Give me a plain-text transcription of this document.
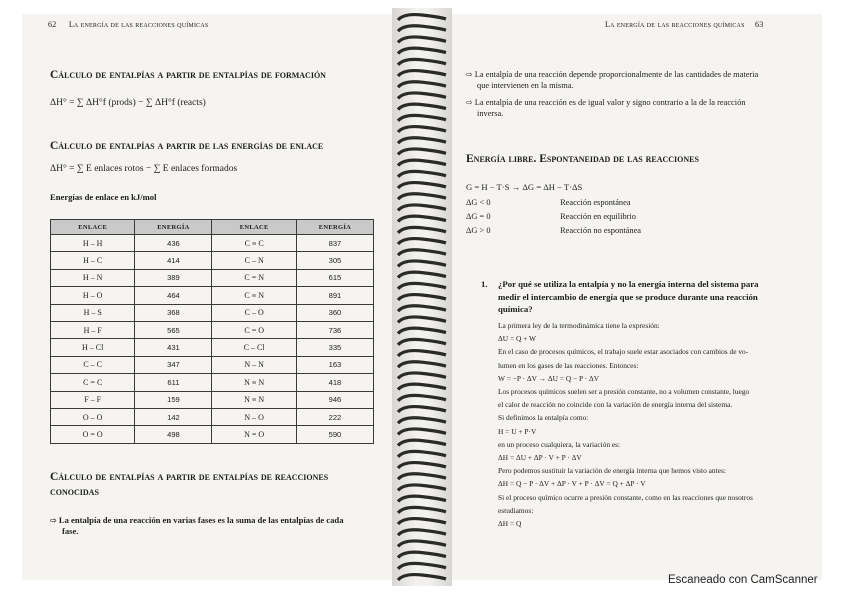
62 La energía de las reacciones químicas
Cálculo de entalpías a partir de entalpías de formación
ΔH° = ∑ ΔH°f (prods) − ∑ ΔH°f (reacts)
Cálculo de entalpías a partir de las energías de enlace
ΔH° = ∑ E enlaces rotos − ∑ E enlaces formados
Energías de enlace en kJ/mol
ENLACE	ENERGÍA	ENLACE	ENERGÍA
H – H	436	C ≡ C	837
H – C	414	C – N	305
H – N	389	C = N	615
H – O	464	C ≡ N	891
H – S	368	C – O	360
H – F	565	C = O	736
H – Cl	431	C – Cl	335
C – C	347	N – N	163
C = C	611	N ≡ N	418
F – F	159	N ≡ N	946
O – O	142	N – O	222
O = O	498	N = O	590
Cálculo de entalpías a partir de entalpías de reacciones
conocidas
⇨ La entalpía de una reacción en varias fases es la suma de las entalpías de cada
fase.
La energía de las reacciones químicas 63
⇨ La entalpía de una reacción depende proporcionalmente de las cantidades de materia
que intervienen en la misma.
⇨ La entalpía de una reacción es de igual valor y signo contrario a la de la reacción
inversa.
Energía libre. Espontaneidad de las reacciones
G = H − T·S → ΔG = ΔH − T·ΔS
ΔG < 0	Reacción espontánea
ΔG = 0	Reacción en equilibrio
ΔG > 0	Reacción no espontánea
1. ¿Por qué se utiliza la entalpía y no la energía interna del sistema para
medir el intercambio de energía que se produce durante una reacción
química?
La primera ley de la termodinámica tiene la expresión:
ΔU = Q + W
En el caso de procesos químicos, el trabajo suele estar asociados con cambios de vo-
lumen en los gases de las reacciones. Entonces:
W = −P · ΔV → ΔU = Q − P · ΔV
Los procesos químicos suelen ser a presión constante, no a volumen constante, luego
el calor de reacción no coincide con la variación de energía interna del sistema.
Si definimos la entalpía como:
H = U + P·V
en un proceso cualquiera, la variación es:
ΔH = ΔU + ΔP · V + P · ΔV
Pero podemos sustituir la variación de energía interna que hemos visto antes:
ΔH = Q − P · ΔV + ΔP · V + P · ΔV = Q + ΔP · V
Si el proceso químico ocurre a presión constante, como en las reacciones que nosotros
estudiamos:
ΔH = Q
Escaneado con CamScanner
